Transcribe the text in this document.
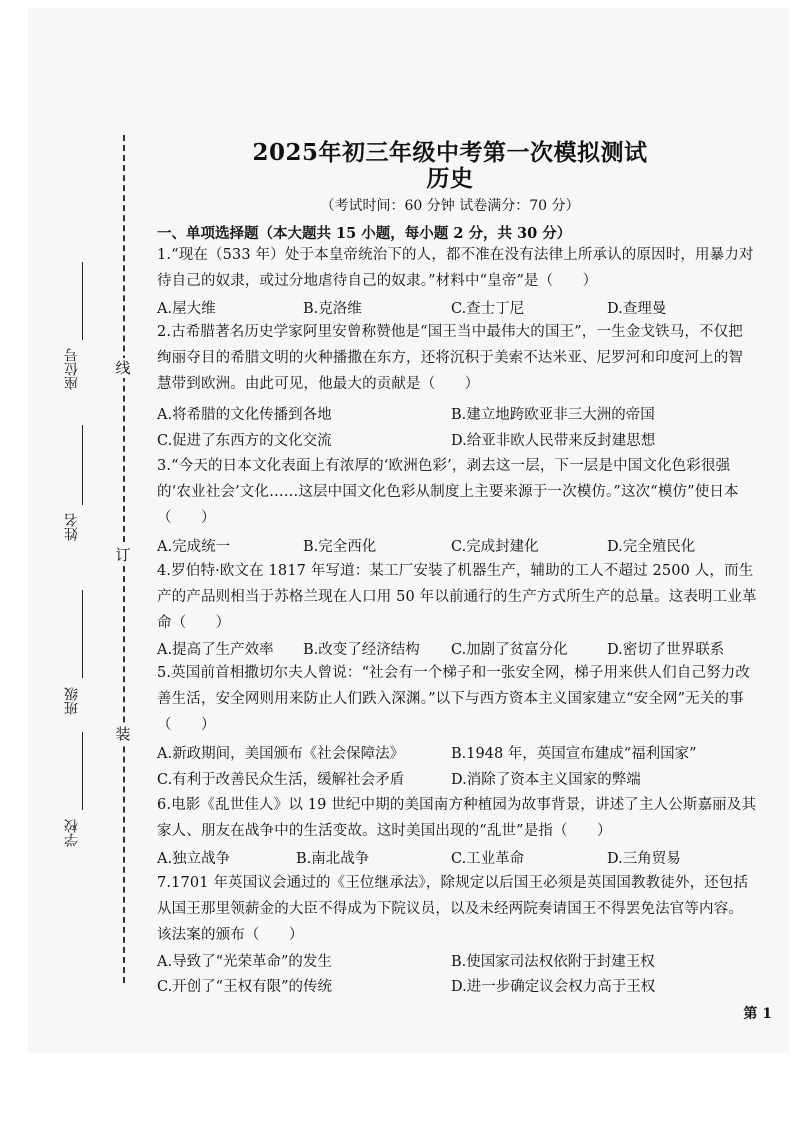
线
订
装
座位号
姓名
班级
学校
2025年初三年级中考第一次模拟测试
历史
（考试时间：60 分钟 试卷满分：70 分）
一、单项选择题（本大题共 15 小题，每小题 2 分，共 30 分）
1.“现在（533 年）处于本皇帝统治下的人，都不准在没有法律上所承认的原因时，用暴力对待自己的奴隶，或过分地虐待自己的奴隶。”材料中“皇帝”是（　　）
A.屋大维	B.克洛维	C.查士丁尼	D.查理曼
2.古希腊著名历史学家阿里安曾称赞他是“国王当中最伟大的国王”，一生金戈铁马，不仅把绚丽夺目的希腊文明的火种播撒在东方，还将沉积于美索不达米亚、尼罗河和印度河上的智慧带到欧洲。由此可见，他最大的贡献是（　　）
A.将希腊的文化传播到各地	B.建立地跨欧亚非三大洲的帝国
C.促进了东西方的文化交流	D.给亚非欧人民带来反封建思想
3.“今天的日本文化表面上有浓厚的‘欧洲色彩’，剥去这一层，下一层是中国文化色彩很强的‘农业社会’文化……这层中国文化色彩从制度上主要来源于一次模仿。”这次“模仿”使日本（　　）
A.完成统一	B.完全西化	C.完成封建化	D.完全殖民化
4.罗伯特·欧文在 1817 年写道：某工厂安装了机器生产，辅助的工人不超过 2500 人，而生产的产品则相当于苏格兰现在人口用 50 年以前通行的生产方式所生产的总量。这表明工业革命（　　）
A.提高了生产效率 B.改变了经济结构 C.加剧了贫富分化	D.密切了世界联系
5.英国前首相撒切尔夫人曾说：“社会有一个梯子和一张安全网，梯子用来供人们自己努力改善生活，安全网则用来防止人们跌入深渊。”以下与西方资本主义国家建立“安全网”无关的事（　　）
A.新政期间，美国颁布《社会保障法》	B.1948 年，英国宣布建成“福利国家”
C.有利于改善民众生活，缓解社会矛盾	D.消除了资本主义国家的弊端
6.电影《乱世佳人》以 19 世纪中期的美国南方种植园为故事背景，讲述了主人公斯嘉丽及其家人、朋友在战争中的生活变故。这时美国出现的“乱世”是指（　　）
A.独立战争	B.南北战争	C.工业革命	D.三角贸易
7.1701 年英国议会通过的《王位继承法》，除规定以后国王必须是英国国教教徒外，还包括从国王那里领薪金的大臣不得成为下院议员，以及未经两院奏请国王不得罢免法官等内容。该法案的颁布（　　）
A.导致了“光荣革命”的发生	B.使国家司法权依附于封建王权
C.开创了“王权有限”的传统	D.进一步确定议会权力高于王权
第 1
